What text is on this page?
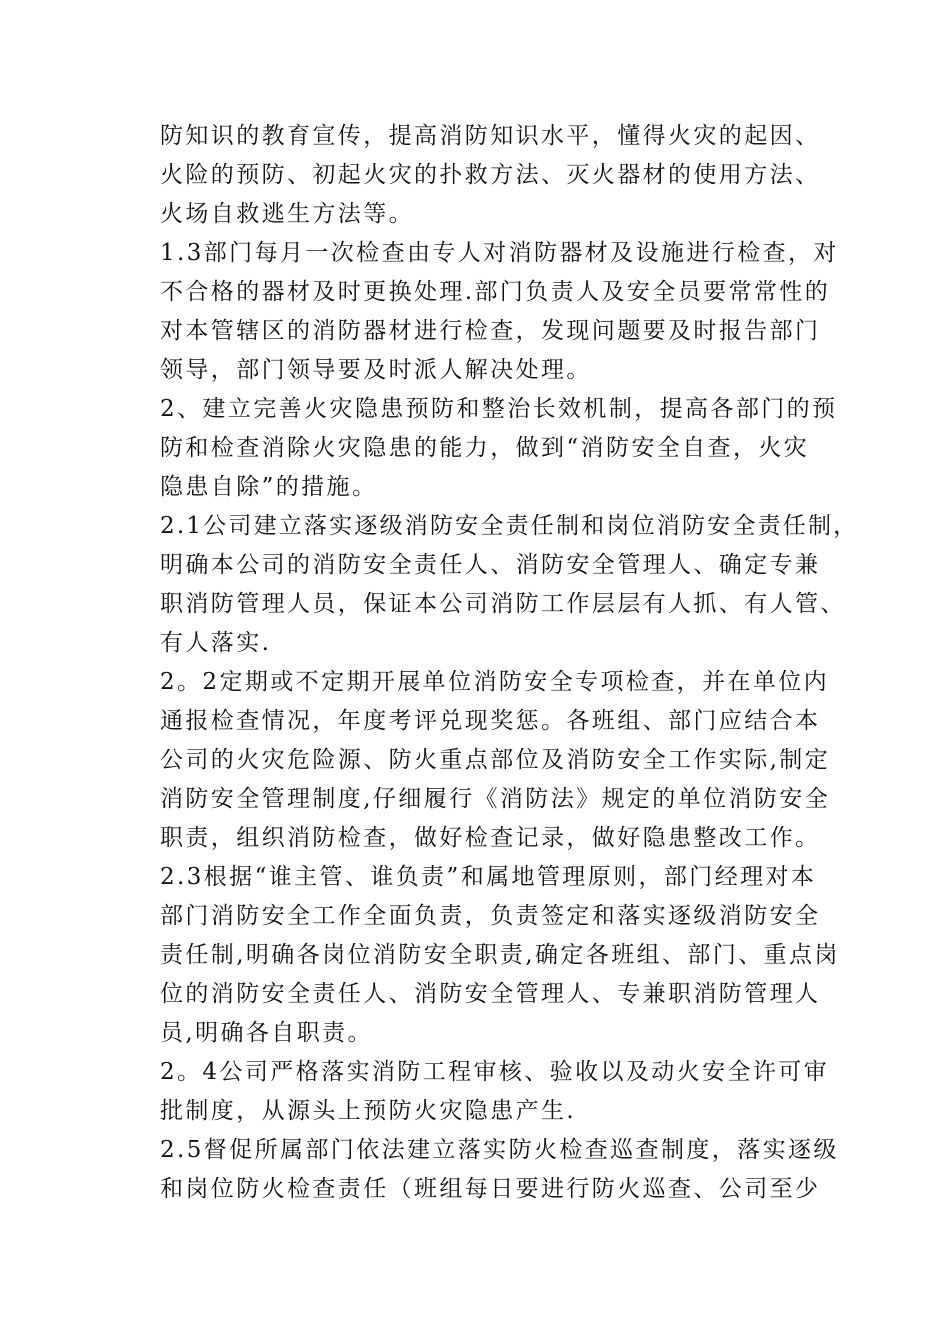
防知识的教育宣传，提高消防知识水平，懂得火灾的起因、
火险的预防、初起火灾的扑救方法、灭火器材的使用方法、
火场自救逃生方法等。
1.3部门每月一次检查由专人对消防器材及设施进行检查，对
不合格的器材及时更换处理.部门负责人及安全员要常常性的
对本管辖区的消防器材进行检查，发现问题要及时报告部门
领导，部门领导要及时派人解决处理。
2、建立完善火灾隐患预防和整治长效机制，提高各部门的预
防和检查消除火灾隐患的能力，做到“消防安全自查，火灾
隐患自除”的措施。
2.1公司建立落实逐级消防安全责任制和岗位消防安全责任制，
明确本公司的消防安全责任人、消防安全管理人、确定专兼
职消防管理人员，保证本公司消防工作层层有人抓、有人管、
有人落实.
2。2定期或不定期开展单位消防安全专项检查，并在单位内
通报检查情况，年度考评兑现奖惩。各班组、部门应结合本
公司的火灾危险源、防火重点部位及消防安全工作实际,制定
消防安全管理制度,仔细履行《消防法》规定的单位消防安全
职责，组织消防检查，做好检查记录，做好隐患整改工作。
2.3根据“谁主管、谁负责”和属地管理原则，部门经理对本
部门消防安全工作全面负责，负责签定和落实逐级消防安全
责任制,明确各岗位消防安全职责,确定各班组、部门、重点岗
位的消防安全责任人、消防安全管理人、专兼职消防管理人
员,明确各自职责。
2。4公司严格落实消防工程审核、验收以及动火安全许可审
批制度，从源头上预防火灾隐患产生.
2.5督促所属部门依法建立落实防火检查巡查制度，落实逐级
和岗位防火检查责任（班组每日要进行防火巡查、公司至少
